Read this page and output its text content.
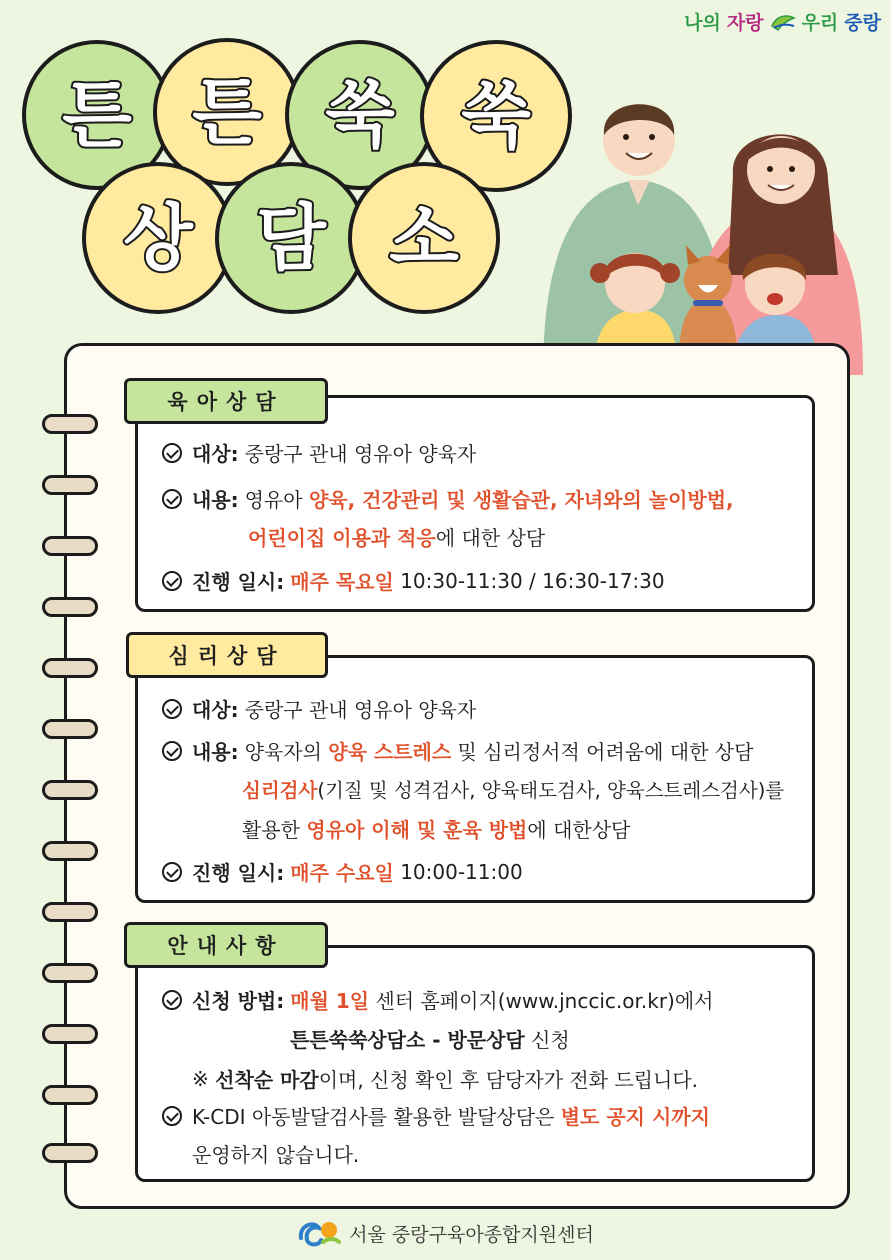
나의 자랑 우리 중랑
튼 튼 쑥 쑥
상 담 소
육아상담
대상: 중랑구 관내 영유아 양육자
내용: 영유아
양육, 건강관리 및 생활습관, 자녀와의 놀이방법,
어린이집 이용과 적응 에 대한 상담
진행 일시: 매주 목요일
10:30-11:30 / 16:30-17:30
심리상담
대상: 중랑구 관내 영유아 양육자
내용: 양육자의
양육 스트레스
및 심리정서적 어려움에 대한 상담
심리검사 (기질 및 성격검사, 양육태도검사, 양육스트레스검사)를
활용한
영유아 이해 및 훈육 방법 에 대한상담
진행 일시: 매주 수요일
10:00-11:00
안내사항
신청 방법: 매월 1일
센터 홈페이지(www.jnccic.or.kr)에서
튼튼쑥쑥상담소 - 방문상담
신청
※
선착순 마감 이며, 신청 확인 후 담당자가 전화 드립니다.
K-CDI 아동발달검사를 활용한 발달상담은
별도 공지 시까지
운영하지 않습니다.
서울 중랑구육아종합지원센터
